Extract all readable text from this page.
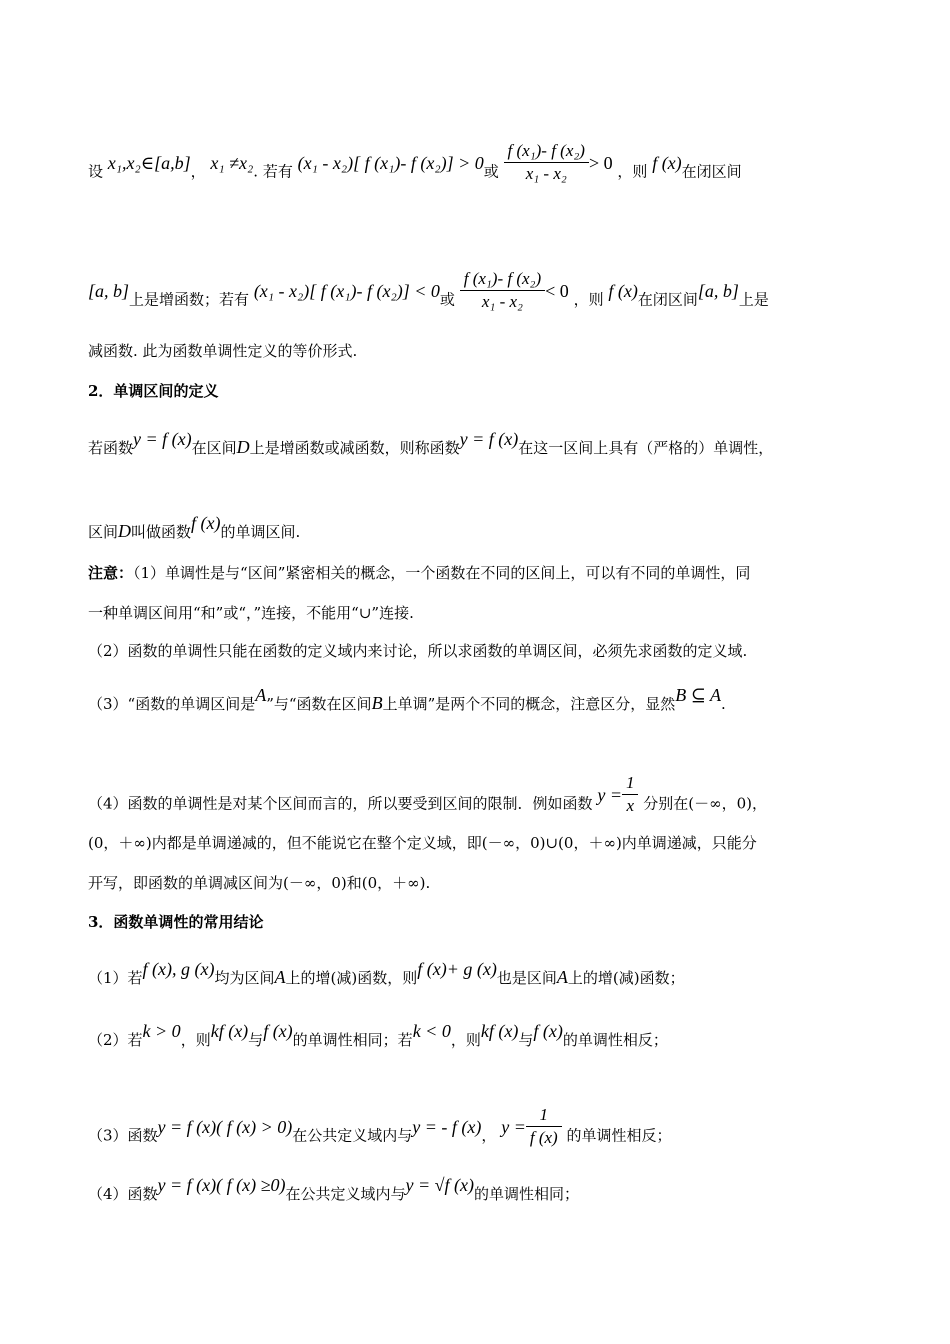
设 x₁,x₂∈[a,b]， x₁ ≠x₂. 若有 (x₁ - x₂)[ f (x₁)- f (x₂)] > 0或 $\frac{\text{f (x₁)- f (x₂)}}{\text{x₁ - x₂}} > 0$ ，则 f (x)在闭区间
[a, b]上是增函数；若有 (x₁ - x₂)[ f (x₁)- f (x₂)] < 0或 $\frac{\text{f (x₁)- f (x₂)}}{\text{x₁ - x₂}} < 0$ ，则 f (x)在闭区间[a, b]上是
减函数. 此为函数单调性定义的等价形式.
2．单调区间的定义
若函数y = f (x)在区间D上是增函数或减函数，则称函数y = f (x)在这一区间上具有（严格的）单调性，
区间D叫做函数f (x)的单调区间.
注意：（1）单调性是与“区间”紧密相关的概念，一个函数在不同的区间上，可以有不同的单调性，同
一种单调区间用“和”或“，”连接，不能用“∪”连接.
（2）函数的单调性只能在函数的定义域内来讨论，所以求函数的单调区间，必须先求函数的定义域.
（3）“函数的单调区间是A”与“函数在区间B上单调”是两个不同的概念，注意区分，显然B ⊆ A.
（4）函数的单调性是对某个区间而言的，所以要受到区间的限制．例如函数 $y = \frac{1}{x}$ 分别在(－∞，0)，
(0，＋∞)内都是单调递减的，但不能说它在整个定义域，即(－∞，0)∪(0，＋∞)内单调递减，只能分
开写，即函数的单调减区间为(－∞，0)和(0，＋∞).
3．函数单调性的常用结论
（1）若f (x), g (x)均为区间A上的增(减)函数，则f (x)+ g (x)也是区间A上的增(减)函数；
（2）若k > 0，则kf (x)与f (x)的单调性相同；若k < 0，则kf (x)与f (x)的单调性相反；
（3）函数y = f (x)( f (x) > 0)在公共定义域内与y = - f (x)， $y = \frac{1}{f (x)}$ 的单调性相反；
（4）函数y = f (x)( f (x) ≥0)在公共定义域内与y = √f (x)的单调性相同；
